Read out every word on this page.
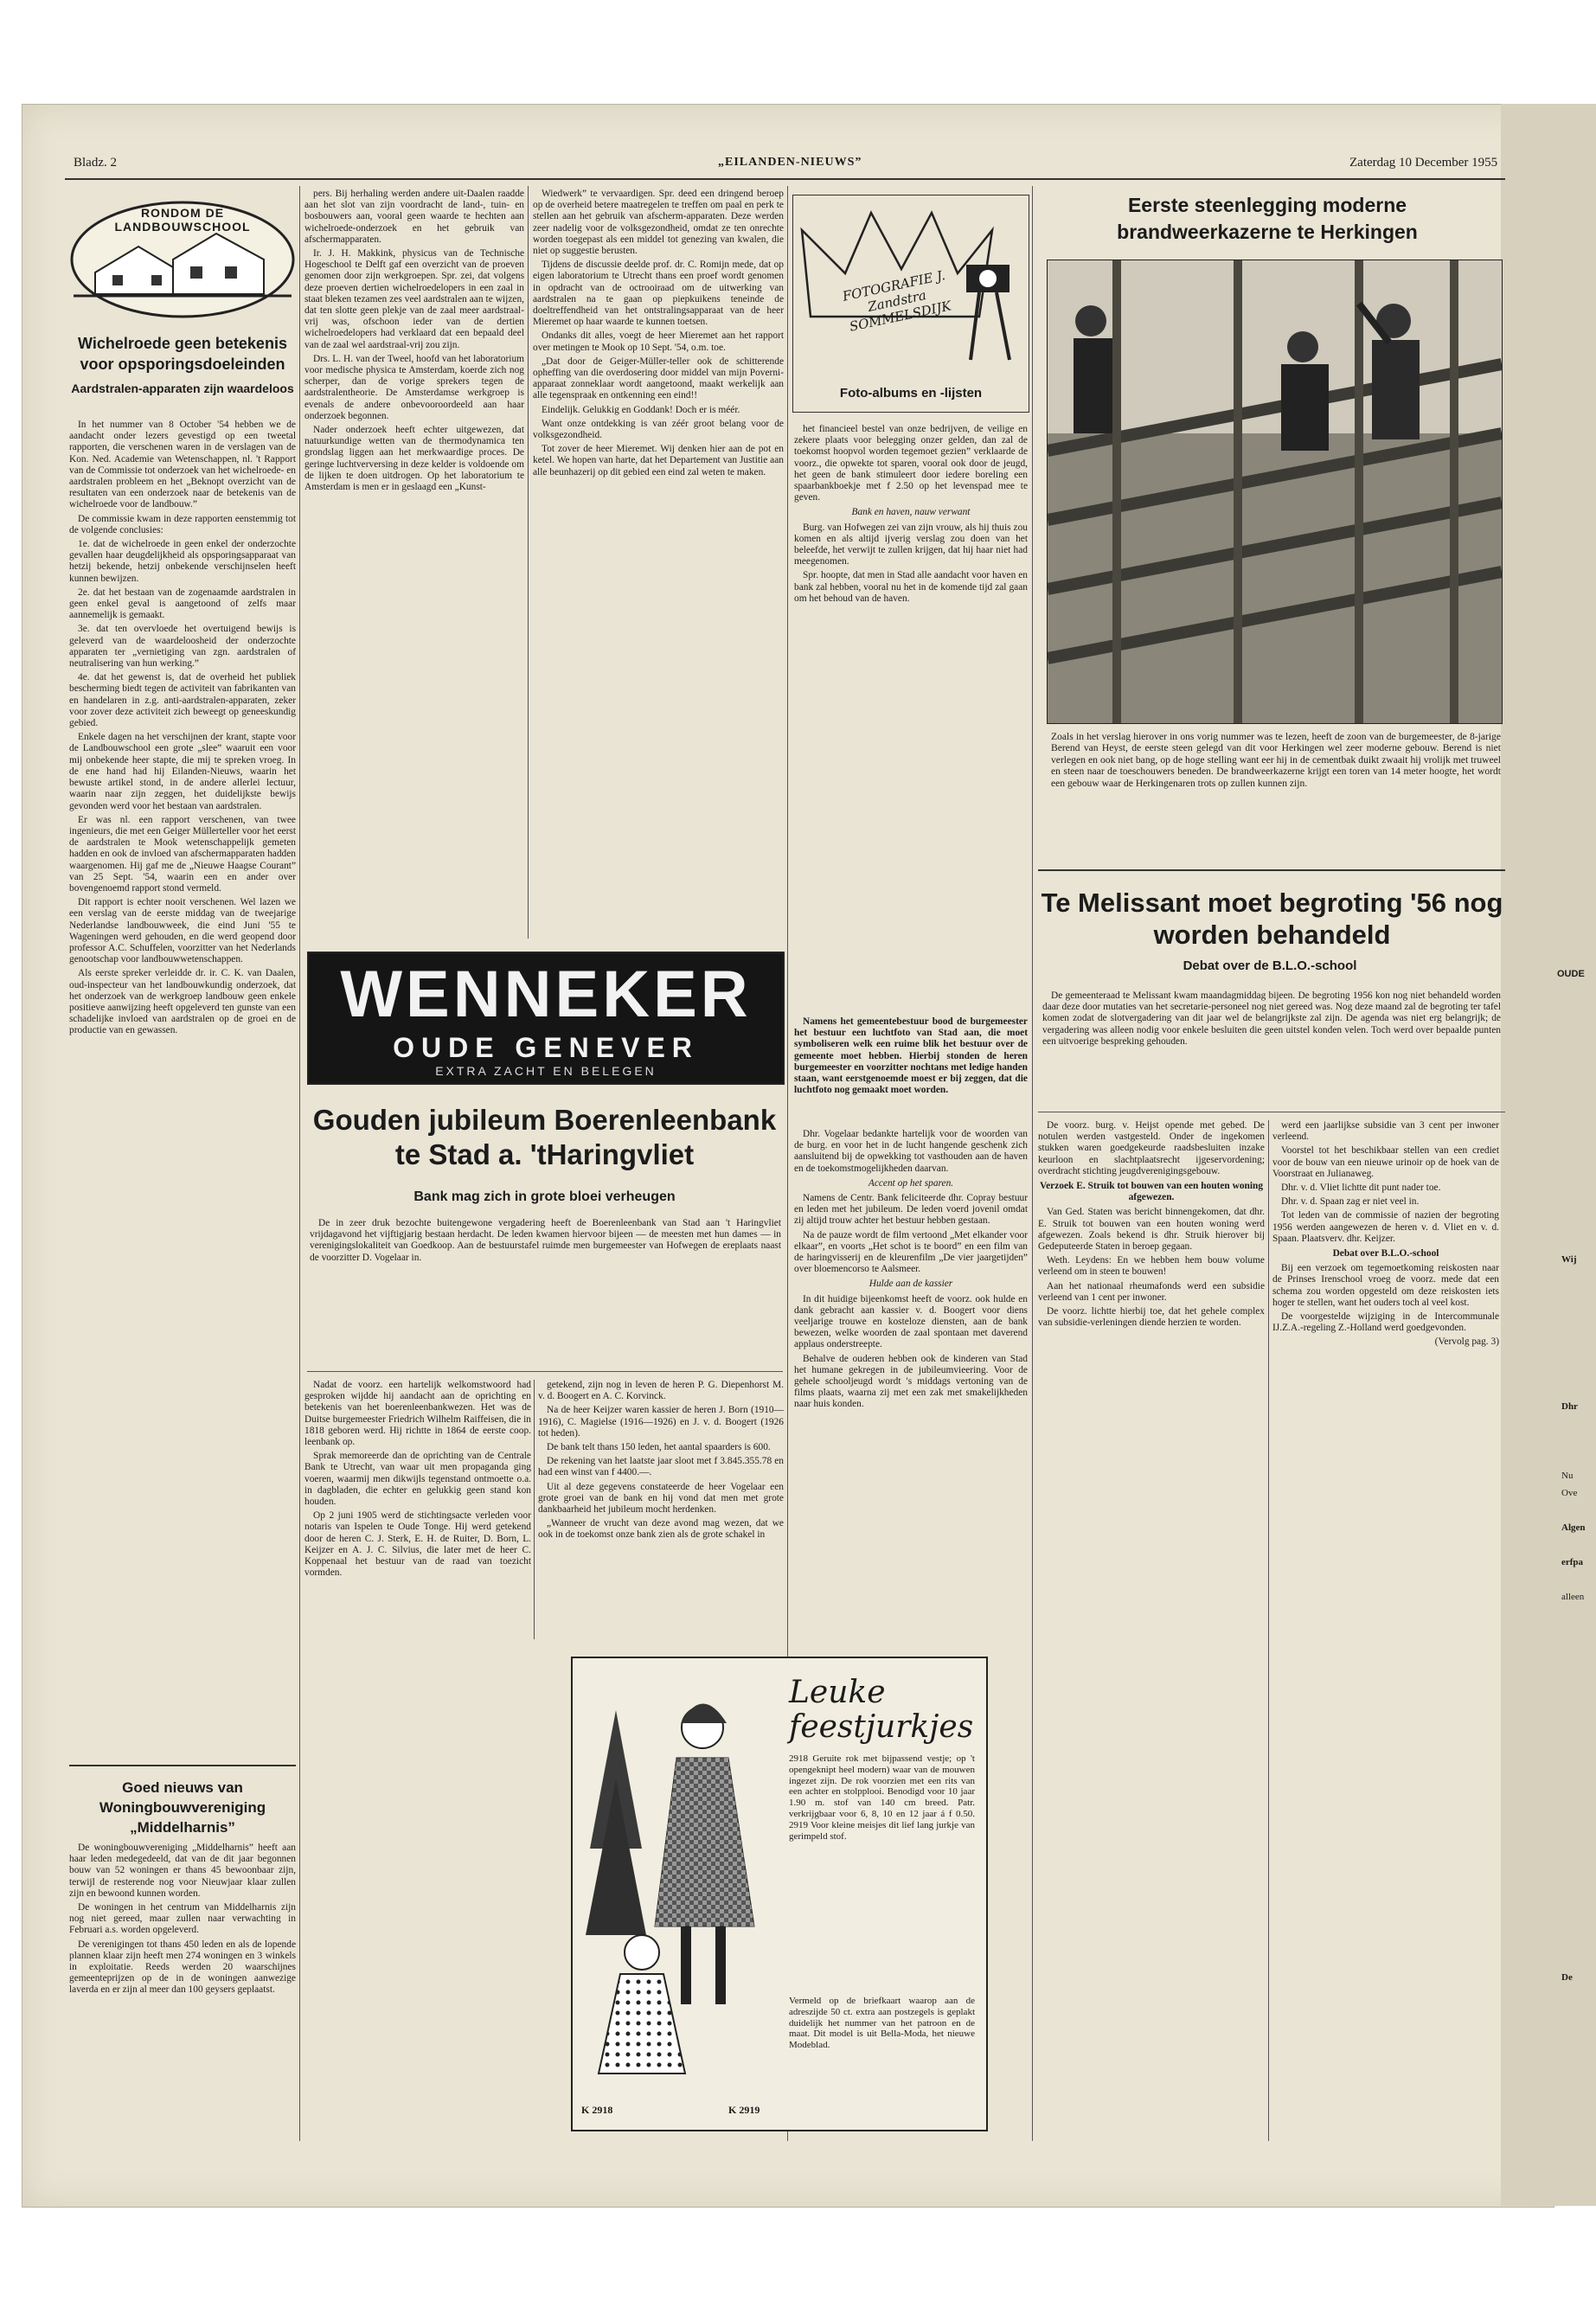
Bladz. 2	„EILANDEN-NIEUWS”	Zaterdag 10 December 1955
RONDOM DE LANDBOUWSCHOOL
Wichelroede geen betekenis voor opsporingsdoeleinden
Aardstralen-apparaten zijn waardeloos

In het nummer van 8 October '54 hebben we de aandacht onder lezers gevestigd op een tweetal rapporten, die verschenen waren in de verslagen van de Kon. Ned. Academie van Wetenschappen, nl. 't Rapport van de Commissie tot onderzoek van het wichelroede- en aardstralen probleem en het „Beknopt overzicht van de resultaten van een onderzoek naar de betekenis van de wichelroede voor de landbouw.”

De commissie kwam in deze rapporten eenstemmig tot de volgende conclusies:

1e. dat de wichelroede in geen enkel der onderzochte gevallen haar deugdelijkheid als opsporingsapparaat van hetzij bekende, hetzij onbekende verschijnselen heeft kunnen bewijzen.

2e. dat het bestaan van de zogenaamde aardstralen in geen enkel geval is aangetoond of zelfs maar aannemelijk is gemaakt.

3e. dat ten overvloede het overtuigend bewijs is geleverd van de waardeloosheid der onderzochte apparaten ter „vernietiging van zgn. aardstralen of neutralisering van hun werking.”

4e. dat het gewenst is, dat de overheid het publiek bescherming biedt tegen de activiteit van fabrikanten van en handelaren in z.g. anti-aardstralen-apparaten, zeker voor zover deze activiteit zich beweegt op geneeskundig gebied.

Enkele dagen na het verschijnen der krant, stapte voor de Landbouwschool een grote „slee” waaruit een voor mij onbekende heer stapte, die mij te spreken vroeg. In de ene hand had hij Eilanden-Nieuws, waarin het bewuste artikel stond, in de andere allerlei lectuur, waarin naar zijn zeggen, het duidelijkste bewijs gevonden werd voor het bestaan van aardstralen.

Er was nl. een rapport verschenen, van twee ingenieurs, die met een Geiger Müllerteller voor het eerst de aardstralen te Mook wetenschappelijk gemeten hadden en ook de invloed van afschermapparaten hadden waargenomen. Hij gaf me de „Nieuwe Haagse Courant” van 25 Sept. '54, waarin een en ander over bovengenoemd rapport stond vermeld.

Dit rapport is echter nooit verschenen. Wel lazen we een verslag van de eerste middag van de tweejarige Nederlandse landbouwweek, die eind Juni '55 te Wageningen werd gehouden, en die werd geopend door professor A.C. Schuffelen, voorzitter van het Nederlands genootschap voor landbouwwetenschappen.

Als eerste spreker verleidde dr. ir. C. K. van Daalen, oud-inspecteur van het landbouwkundig onderzoek, dat het onderzoek van de werkgroep landbouw geen enkele positieve aanwijzing heeft opgeleverd ten gunste van een schadelijke invloed van aardstralen op de groei en de productie van en gewassen.

Goed nieuws van Woningbouwvereniging „Middelharnis”

De woningbouwvereniging „Middelharnis” heeft aan haar leden medegedeeld, dat van de dit jaar begonnen bouw van 52 woningen er thans 45 bewoonbaar zijn, terwijl de resterende nog voor Nieuwjaar klaar zullen zijn en bewoond kunnen worden.

De woningen in het centrum van Middelharnis zijn nog niet gereed, maar zullen naar verwachting in Februari a.s. worden opgeleverd.

De verenigingen tot thans 450 leden en als de lopende plannen klaar zijn heeft men 274 woningen en 3 winkels in exploitatie. Reeds werden 20 waarschijnes gemeenteprijzen op de in de woningen aanwezige laverda en er zijn al meer dan 100 geysers geplaatst.

pers. Bij herhaling werden andere uit-Daalen raadde aan het slot van zijn voordracht de land-, tuin- en bosbouwers aan, vooral geen waarde te hechten aan wichelroede-onderzoek en het gebruik van afschermapparaten.

Ir. J. H. Makkink, physicus van de Technische Hogeschool te Delft gaf een overzicht van de proeven genomen door zijn werkgroepen. Spr. zei, dat volgens deze proeven dertien wichelroedelopers in een zaal in staat bleken tezamen zes veel aardstralen aan te wijzen, dat ten slotte geen plekje van de zaal meer aardstraal-vrij was, ofschoon ieder van de dertien wichelroedelopers had verklaard dat een bepaald deel van de zaal wel aardstraal-vrij zou zijn.

Drs. L. H. van der Tweel, hoofd van het laboratorium voor medische physica te Amsterdam, koerde zich nog scherper, dan de vorige sprekers tegen de aardstralentheorie. De Amsterdamse werkgroep is evenals de andere onbevooroordeeld aan haar onderzoek begonnen.

Nader onderzoek heeft echter uitgewezen, dat natuurkundige wetten van de thermodynamica ten grondslag liggen aan het merkwaardige proces. De geringe luchtverversing in deze kelder is voldoende om de lijken te doen uitdrogen. Op het laboratorium te Amsterdam is men er in geslaagd een „Kunst-

Wiedwerk” te vervaardigen. Spr. deed een dringend beroep op de overheid betere maatregelen te treffen om paal en perk te stellen aan het gebruik van afscherm-apparaten. Deze werden zeer nadelig voor de volksgezondheid, omdat ze ten onrechte worden toegepast als een middel tot genezing van kwalen, die niet op suggestie berusten.

Tijdens de discussie deelde prof. dr. C. Romijn mede, dat op eigen laboratorium te Utrecht thans een proef wordt genomen in opdracht van de octrooiraad om de uitwerking van aardstralen na te gaan op piepkuikens teneinde de doeltreffendheid van het ontstralingsapparaat van de heer Mieremet op haar waarde te kunnen toetsen.

Ondanks dit alles, voegt de heer Mieremet aan het rapport over metingen te Mook op 10 Sept. '54, o.m. toe.

„Dat door de Geiger-Müller-teller ook de schitterende opheffing van die overdosering door middel van mijn Poverni-apparaat zonneklaar wordt aangetoond, maakt werkelijk aan alle tegenspraak en ontkenning een eind!!

Eindelijk. Gelukkig en Goddank! Doch er is méér.

Want onze ontdekking is van zéér groot belang voor de volksgezondheid.

Tot zover de heer Mieremet. Wij denken hier aan de pot en ketel. We hopen van harte, dat het Departement van Justitie aan alle beunhazerij op dit gebied een eind zal weten te maken.

WENNEKER
OUDE GENEVER
EXTRA ZACHT EN BELEGEN
Gouden jubileum Boerenleenbank te Stad a. 'tHaringvliet
Bank mag zich in grote bloei verheugen

De in zeer druk bezochte buitengewone vergadering heeft de Boerenleenbank van Stad aan 't Haringvliet vrijdagavond het vijftigjarig bestaan herdacht. De leden kwamen hiervoor bijeen — de meesten met hun dames — in verenigingslokaliteit van Goedkoop. Aan de bestuurstafel ruimde men burgemeester van Hofwegen de ereplaats naast de voorzitter D. Vogelaar in.

Nadat de voorz. een hartelijk welkomstwoord had gesproken wijdde hij aandacht aan de oprichting en betekenis van het boerenleenbankwezen. Het was de Duitse burgemeester Friedrich Wilhelm Raiffeisen, die in 1818 geboren werd. Hij richtte in 1864 de eerste coop. leenbank op.

Sprak memoreerde dan de oprichting van de Centrale Bank te Utrecht, van waar uit men propaganda ging voeren, waarmij men dikwijls tegenstand ontmoette o.a. in dagbladen, die echter en gelukkig geen stand kon houden.

Op 2 juni 1905 werd de stichtingsacte verleden voor notaris van Ispelen te Oude Tonge. Hij werd getekend door de heren C. J. Sterk, E. H. de Ruiter, D. Born, L. Keijzer en A. J. C. Silvius, die later met de heer C. Koppenaal het bestuur van de raad van toezicht vormden.

getekend, zijn nog in leven de heren P. G. Diepenhorst M. v. d. Boogert en A. C. Korvinck.

Na de heer Keijzer waren kassier de heren J. Born (1910—1916), C. Magielse (1916—1926) en J. v. d. Boogert (1926 tot heden).

De bank telt thans 150 leden, het aantal spaarders is 600.

De rekening van het laatste jaar sloot met f 3.845.355.78 en had een winst van f 4400.—.

Uit al deze gegevens constateerde de heer Vogelaar een grote groei van de bank en hij vond dat men met grote dankbaarheid het jubileum mocht herdenken.

„Wanneer de vrucht van deze avond mag wezen, dat we ook in de toekomst onze bank zien als de grote schakel in

Leuke feestjurkjes
2918 Geruite rok met bijpassend vestje; op 't opengeknipt heel modern) waar van de mouwen ingezet zijn. De rok voorzien met een rits van een achter en stolpplooi. Benodigd voor 10 jaar 1.90 m. stof van 140 cm breed. Patr. verkrijgbaar voor 6, 8, 10 en 12 jaar á f 0.50. 2919 Voor kleine meisjes dit lief lang jurkje van gerimpeld stof.
Vermeld op de briefkaart waarop aan de adreszijde 50 ct. extra aan postzegels is geplakt duidelijk het nummer van het patroon en de maat. Dit model is uit Bella-Moda, het nieuwe Modeblad.
K 2918	K 2919
FOTOGRAFIE J. Zandstra SOMMELSDIJK
Foto-albums en -lijsten

het financieel bestel van onze bedrijven, de veilige en zekere plaats voor belegging onzer gelden, dan zal de toekomst hoopvol worden tegemoet gezien” verklaarde de voorz., die opwekte tot sparen, vooral ook door de jeugd, het geen de bank stimuleert door iedere boreling een spaarbankboekje met f 2.50 op het levenspad mee te geven.

Bank en haven, nauw verwant

Burg. van Hofwegen zei van zijn vrouw, als hij thuis zou komen en als altijd ijverig verslag zou doen van het beleefde, het verwijt te zullen krijgen, dat hij haar niet had meegenomen.

Spr. hoopte, dat men in Stad alle aandacht voor haven en bank zal hebben, vooral nu het in de komende tijd zal gaan om het behoud van de haven.

Namens het gemeentebestuur bood de burgemeester het bestuur een luchtfoto van Stad aan, die moet symboliseren welk een ruime blik het bestuur over de gemeente moet hebben. Hierbij stonden de heren burgemeester en voorzitter nochtans met ledige handen staan, want eerstgenoemde moest er bij zeggen, dat die luchtfoto nog gemaakt moet worden.

Dhr. Vogelaar bedankte hartelijk voor de woorden van de burg. en voor het in de lucht hangende geschenk zich aansluitend bij de opwekking tot vasthouden aan de haven en de toekomstmogelijkheden daarvan.

Accent op het sparen.

Namens de Centr. Bank feliciteerde dhr. Copray bestuur en leden met het jubileum. De leden voerd jovenil omdat zij altijd trouw achter het bestuur hebben gestaan.

Na de pauze wordt de film vertoond „Met elkander voor elkaar”, en voorts „Het schot is te boord” en een film van de haringvisserij en de kleurenfilm „De vier jaargetijden” over bloemencorso te Aalsmeer.

Hulde aan de kassier

In dit huidige bijeenkomst heeft de voorz. ook hulde en dank gebracht aan kassier v. d. Boogert voor diens veeljarige trouwe en kosteloze diensten, aan de bank bewezen, welke woorden de zaal spontaan met daverend applaus onderstreepte.

Behalve de ouderen hebben ook de kinderen van Stad het humane gekregen in de jubileumvieering. Voor de gehele schooljeugd wordt 's middags vertoning van de films plaats, waarna zij met een zak met smakelijkheden naar huis konden.

Eerste steenlegging moderne brandweerkazerne te Herkingen
Zoals in het verslag hierover in ons vorig nummer was te lezen, heeft de zoon van de burgemeester, de 8-jarige Berend van Heyst, de eerste steen gelegd van dit voor Herkingen wel zeer moderne gebouw. Berend is niet verlegen en ook niet bang, op de hoge stelling want eer hij in de cementbak duikt zwaait hij vrolijk met truweel en steen naar de toeschouwers beneden. De brandweerkazerne krijgt een toren van 14 meter hoogte, het wordt een gebouw waar de Herkingenaren trots op zullen kunnen zijn.
Te Melissant moet begroting '56 nog worden behandeld
Debat over de B.L.O.-school

De gemeenteraad te Melissant kwam maandagmiddag bijeen. De begroting 1956 kon nog niet behandeld worden daar deze door mutaties van het secretarie-personeel nog niet gereed was. Nog deze maand zal de begroting ter tafel komen zodat de slotvergadering van dit jaar wel de belangrijkste zal zijn. De agenda was niet erg belangrijk; de vergadering was alleen nodig voor enkele besluiten die geen uitstel konden velen. Toch werd over bepaalde punten een uitvoerige bespreking gehouden.

De voorz. burg. v. Heijst opende met gebed. De notulen werden vastgesteld. Onder de ingekomen stukken waren goedgekeurde raadsbesluiten inzake keurloon en slachtplaatsrecht ijgeservordening; overdracht stichting jeugdverenigingsgebouw.

Verzoek E. Struik tot bouwen van een houten woning afgewezen.

Van Ged. Staten was bericht binnengekomen, dat dhr. E. Struik tot bouwen van een houten woning werd afgewezen. Zoals bekend is dhr. Struik hierover bij Gedeputeerde Staten in beroep gegaan.

Weth. Leydens: En we hebben hem bouw volume verleend om in steen te bouwen!

Aan het nationaal rheumafonds werd een subsidie verleend van 1 cent per inwoner.

De voorz. lichtte hierbij toe, dat het gehele complex van subsidie-verleningen diende herzien te worden.

werd een jaarlijkse subsidie van 3 cent per inwoner verleend.

Voorstel tot het beschikbaar stellen van een crediet voor de bouw van een nieuwe urinoir op de hoek van de Voorstraat en Julianaweg.

Dhr. v. d. Vliet lichtte dit punt nader toe.

Dhr. v. d. Spaan zag er niet veel in.

Tot leden van de commissie of nazien der begroting 1956 werden aangewezen de heren v. d. Vliet en v. d. Spaan. Plaatsverv. dhr. Keijzer.

Debat over B.L.O.-school

Bij een verzoek om tegemoetkoming reiskosten naar de Prinses Irenschool vroeg de voorz. mede dat een schema zou worden opgesteld om deze reiskosten iets hoger te stellen, want het ouders toch al veel kost.

De voorgestelde wijziging in de Intercommunale IJ.Z.A.-regeling Z.-Holland werd goedgevonden.

(Vervolg pag. 3)
OUDE
Wij
Dhr
Nu
Ove
Algen
erfpa
alleen
De
